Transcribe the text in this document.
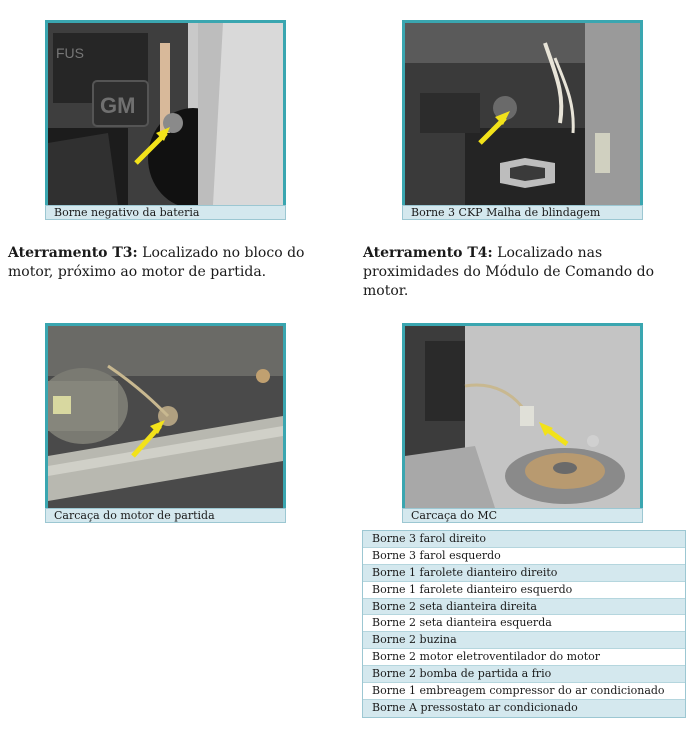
GM
FUS
Borne negativo da bateria	Borne 3 CKP Malha de blindagem
Aterramento T3: Localizado no bloco do motor, próximo ao motor de partida.
Aterramento T4: Localizado nas proximidades do Módulo de Comando do motor.
Carcaça do motor de partida	Carcaça do MC
Borne 3 farol direito
Borne 3 farol esquerdo
Borne 1 farolete dianteiro direito
Borne 1 farolete dianteiro esquerdo
Borne 2 seta dianteira direita
Borne 2 seta dianteira esquerda
Borne 2 buzina
Borne 2 motor eletroventilador do motor
Borne 2 bomba de partida a frio
Borne 1 embreagem compressor do ar condicionado
Borne A pressostato ar condicionado
